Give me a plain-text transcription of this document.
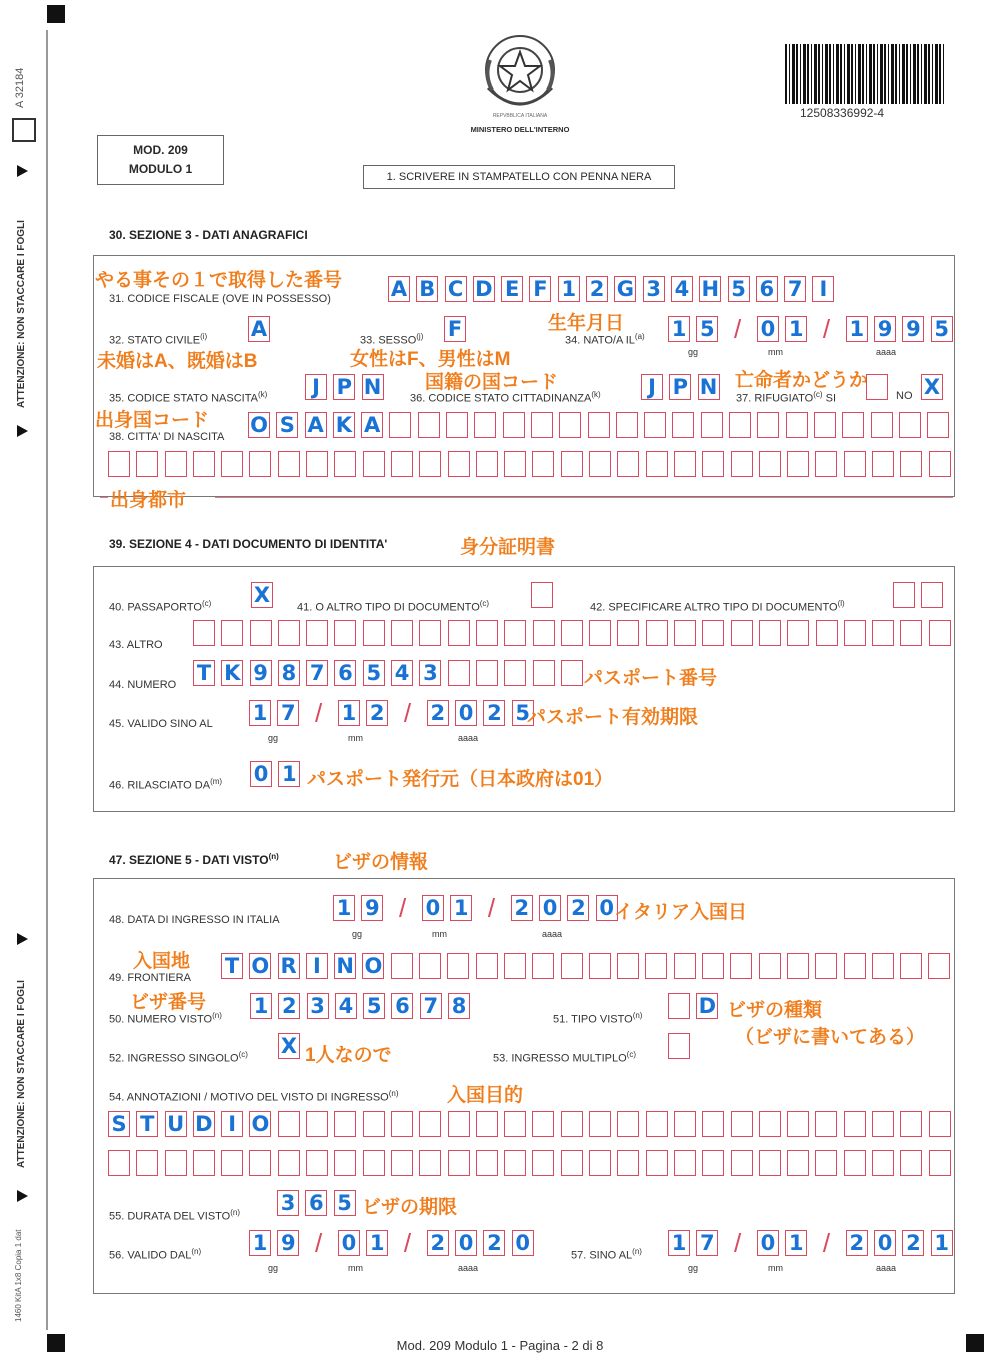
A 32184
ATTENZIONE: NON STACCARE I FOGLI
ATTENZIONE: NON STACCARE I FOGLI
1460 KitA 1x8 Copia 1 dat
MOD. 209
MODULO 1
REPVBBLICA ITALIANA
MINISTERO DELL'INTERNO
1. SCRIVERE IN STAMPATELLO CON PENNA NERA
12508336992-4
30. SEZIONE 3 - DATI ANAGRAFICI
やる事その１で取得した番号
31. CODICE FISCALE (OVE IN POSSESSO)	A B C D E F 1 2 G 3 4 H 5 6 7 I
32. STATO CIVILE$^{(i)}$ A
未婚はA、既婚はB
33. SESSO$^{(j)}$ F
女性はF、男性はM
生年月日
34. NATO/A IL$^{(a)}$ 1 5 / 0 1 / 1 9 9 5
gg	mm	aaaa
出身国コード
35. CODICE STATO NASCITA$^{(k)}$	J P N 国籍の国コード
36. CODICE STATO CITTADINANZA$^{(k)}$	J P N 亡命者かどうか
37. RIFUGIATO$^{(c)}$ SI	NO X
38. CITTA' DI NASCITA O S A K A
出身都市
39. SEZIONE 4 - DATI DOCUMENTO DI IDENTITA'	身分証明書
40. PASSAPORTO$^{(c)}$ X
41. O ALTRO TIPO DI DOCUMENTO$^{(c)}$	42. SPECIFICARE ALTRO TIPO DI DOCUMENTO$^{(l)}$
43. ALTRO
44. NUMERO T K 9 8 7 6 5 4 3	パスポート番号
45. VALIDO SINO AL 1 7 / 1 2 / 2 0 2 5
パスポート有効期限
gg	mm	aaaa
46. RILASCIATO DA$^{(m)}$ 0 1 パスポート発行元（日本政府は01）
47. SEZIONE 5 - DATI VISTO$^{(n)}$	ビザの情報
48. DATA DI INGRESSO IN ITALIA	1 9 / 0 1 / 2 0 2 0 イタリア入国日
gg	mm	aaaa
入国地
49. FRONTIERA T O R I N O
ビザ番号
50. NUMERO VISTO$^{(n)}$ 1 2 3 4 5 6 7 8
51. TIPO VISTO$^{(n)}$	D ビザの種類
（ビザに書いてある）
52. INGRESSO SINGOLO$^{(c)}$ X 1人なので	53. INGRESSO MULTIPLO$^{(c)}$
54. ANNOTAZIONI / MOTIVO DEL VISTO DI INGRESSO$^{(n)}$	入国目的
S T U D I O
55. DURATA DEL VISTO$^{(n)}$ 3 6 5 ビザの期限
56. VALIDO DAL$^{(n)}$ 1 9 / 0 1 / 2 0 2 0
gg	mm	aaaa
57. SINO AL$^{(n)}$ 1 7 / 0 1 / 2 0 2 1
gg	mm	aaaa
Mod. 209 Modulo 1 - Pagina - 2 di 8
